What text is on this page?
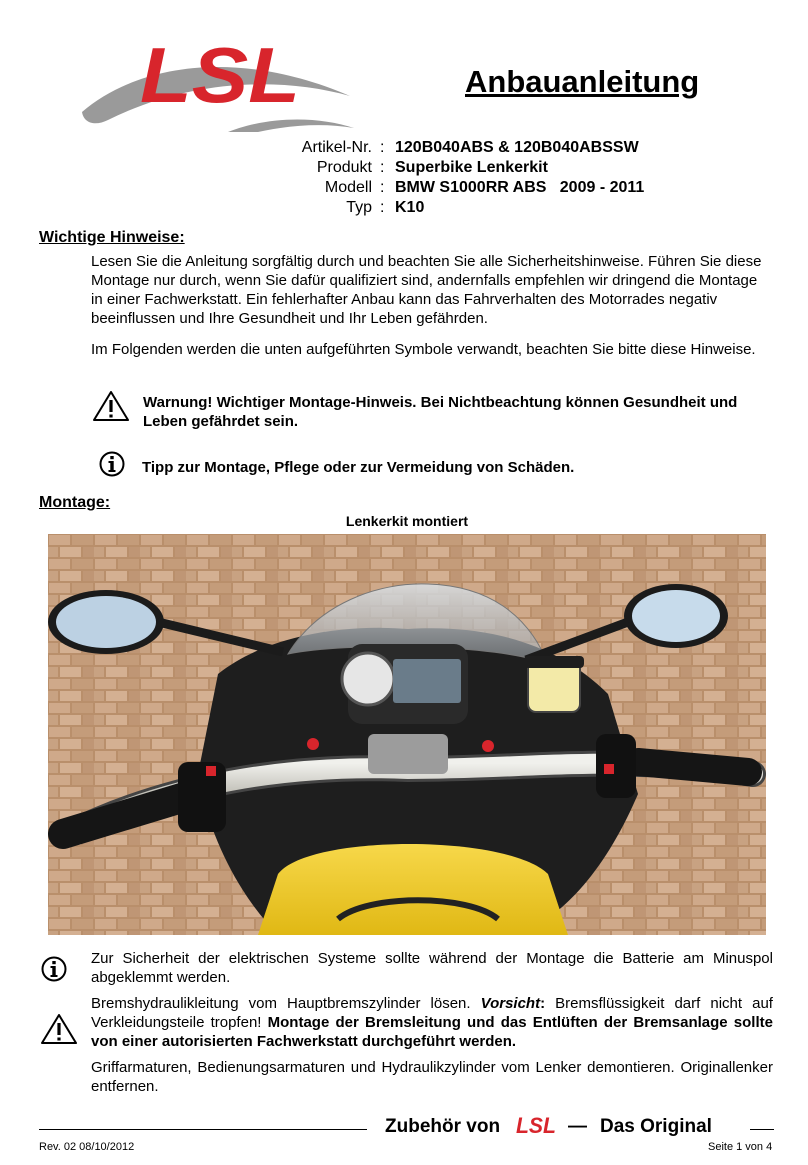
LSL	Anbauanleitung
Artikel-Nr. : 120B040ABS & 120B040ABSSW
Produkt : Superbike Lenkerkit
Modell : BMW S1000RR ABS   2009 - 2011
Typ : K10
Wichtige Hinweise:
Lesen Sie die Anleitung sorgfältig durch und beachten Sie alle Sicherheitshinweise. Führen Sie diese Montage nur durch, wenn Sie dafür qualifiziert sind, andernfalls empfehlen wir dringend die Montage in einer Fachwerkstatt. Ein fehlerhafter Anbau kann das Fahrverhalten des Motorrades negativ beeinflussen und Ihre Gesundheit und Ihr Leben gefährden.
Im Folgenden werden die unten aufgeführten Symbole verwandt, beachten Sie bitte diese Hinweise.
Warnung! Wichtiger Montage-Hinweis. Bei Nichtbeachtung können Gesundheit und Leben gefährdet sein.
Tipp zur Montage, Pflege oder zur Vermeidung von Schäden.
Montage:
Lenkerkit montiert
Zur Sicherheit der elektrischen Systeme sollte während der Montage die Batterie am Minuspol abgeklemmt werden.
Bremshydraulikleitung vom Hauptbremszylinder lösen. Vorsicht: Bremsflüssigkeit darf nicht auf Verkleidungsteile tropfen! Montage der Bremsleitung und das Entlüften der Bremsanlage sollte von einer autorisierten Fachwerkstatt durchgeführt werden.
Griffarmaturen, Bedienungsarmaturen und Hydraulikzylinder vom Lenker demontieren. Originallenker entfernen.
Zubehör von LSL — Das Original
Rev. 02 08/10/2012	Seite 1 von 4
